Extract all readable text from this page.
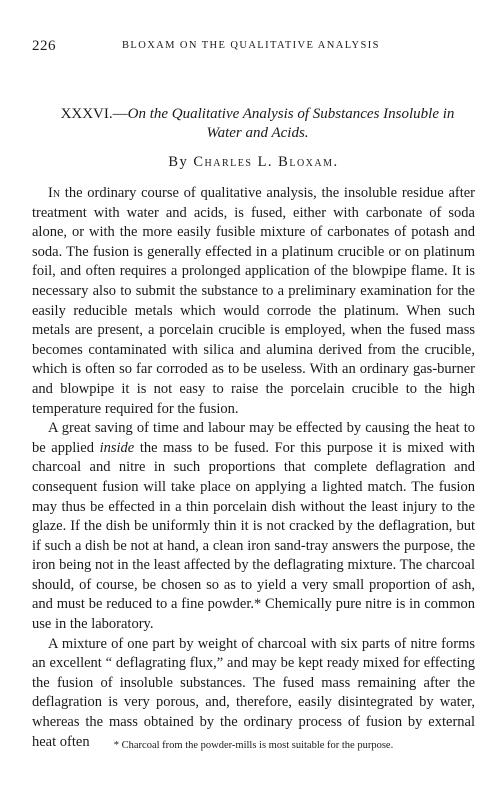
226	BLOXAM ON THE QUALITATIVE ANALYSIS
XXXVI.—On the Qualitative Analysis of Substances Insoluble in
Water and Acids.
By Charles L. Bloxam.

In the ordinary course of qualitative analysis, the insoluble residue after treatment with water and acids, is fused, either with carbonate of soda alone, or with the more easily fusible mixture of carbonates of potash and soda. The fusion is generally effected in a platinum crucible or on platinum foil, and often requires a prolonged application of the blowpipe flame. It is necessary also to submit the substance to a preliminary examination for the easily reducible metals which would corrode the platinum. When such metals are present, a porcelain crucible is employed, when the fused mass becomes contaminated with silica and alumina derived from the crucible, which is often so far corroded as to be useless. With an ordinary gas-burner and blowpipe it is not easy to raise the porcelain crucible to the high temperature required for the fusion.

A great saving of time and labour may be effected by causing the heat to be applied inside the mass to be fused. For this purpose it is mixed with charcoal and nitre in such proportions that complete deflagration and consequent fusion will take place on applying a lighted match. The fusion may thus be effected in a thin porcelain dish without the least injury to the glaze. If the dish be uniformly thin it is not cracked by the deflagration, but if such a dish be not at hand, a clean iron sand-tray answers the purpose, the iron being not in the least affected by the deflagrating mixture. The charcoal should, of course, be chosen so as to yield a very small proportion of ash, and must be reduced to a fine powder.* Chemically pure nitre is in common use in the laboratory.

A mixture of one part by weight of charcoal with six parts of nitre forms an excellent “ deflagrating flux,” and may be kept ready mixed for effecting the fusion of insoluble substances. The fused mass remaining after the deflagration is very porous, and, therefore, easily disintegrated by water, whereas the mass obtained by the ordinary process of fusion by external heat often	* Charcoal from the powder-mills is most suitable for the purpose.
